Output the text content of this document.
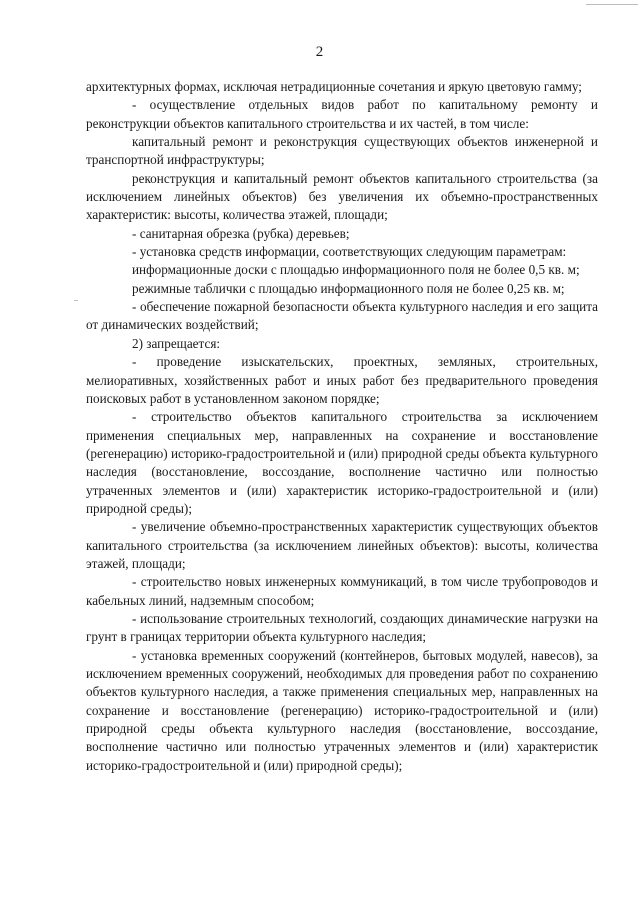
2

архитектурных формах, исключая нетрадиционные сочетания и яркую цветовую гамму;

- осуществление отдельных видов работ по капитальному ремонту и реконструкции объектов капитального строительства и их частей, в том числе:

капитальный ремонт и реконструкция существующих объектов инженерной и транспортной инфраструктуры;

реконструкция и капитальный ремонт объектов капитального строительства (за исключением линейных объектов) без увеличения их объемно-пространственных характеристик: высоты, количества этажей, площади;

- санитарная обрезка (рубка) деревьев;

- установка средств информации, соответствующих следующим параметрам:

информационные доски с площадью информационного поля не более 0,5 кв. м;

режимные таблички с площадью информационного поля не более 0,25 кв. м;

- обеспечение пожарной безопасности объекта культурного наследия и его защита от динамических воздействий;

2) запрещается:

- проведение изыскательских, проектных, земляных, строительных, мелиоративных, хозяйственных работ и иных работ без предварительного проведения поисковых работ в установленном законом порядке;

- строительство объектов капитального строительства за исключением применения специальных мер, направленных на сохранение и восстановление (регенерацию) историко-градостроительной и (или) природной среды объекта культурного наследия (восстановление, воссоздание, восполнение частично или полностью утраченных элементов и (или) характеристик историко-градостроительной и (или) природной среды);

- увеличение объемно-пространственных характеристик существующих объектов капитального строительства (за исключением линейных объектов): высоты, количества этажей, площади;

- строительство новых инженерных коммуникаций, в том числе трубопроводов и кабельных линий, надземным способом;

- использование строительных технологий, создающих динамические нагрузки на грунт в границах территории объекта культурного наследия;

- установка временных сооружений (контейнеров, бытовых модулей, навесов), за исключением временных сооружений, необходимых для проведения работ по сохранению объектов культурного наследия, а также применения специальных мер, направленных на сохранение и восстановление (регенерацию) историко-градостроительной и (или) природной среды объекта культурного наследия (восстановление, воссоздание, восполнение частично или полностью утраченных элементов и (или) характеристик историко-градостроительной и (или) природной среды);
